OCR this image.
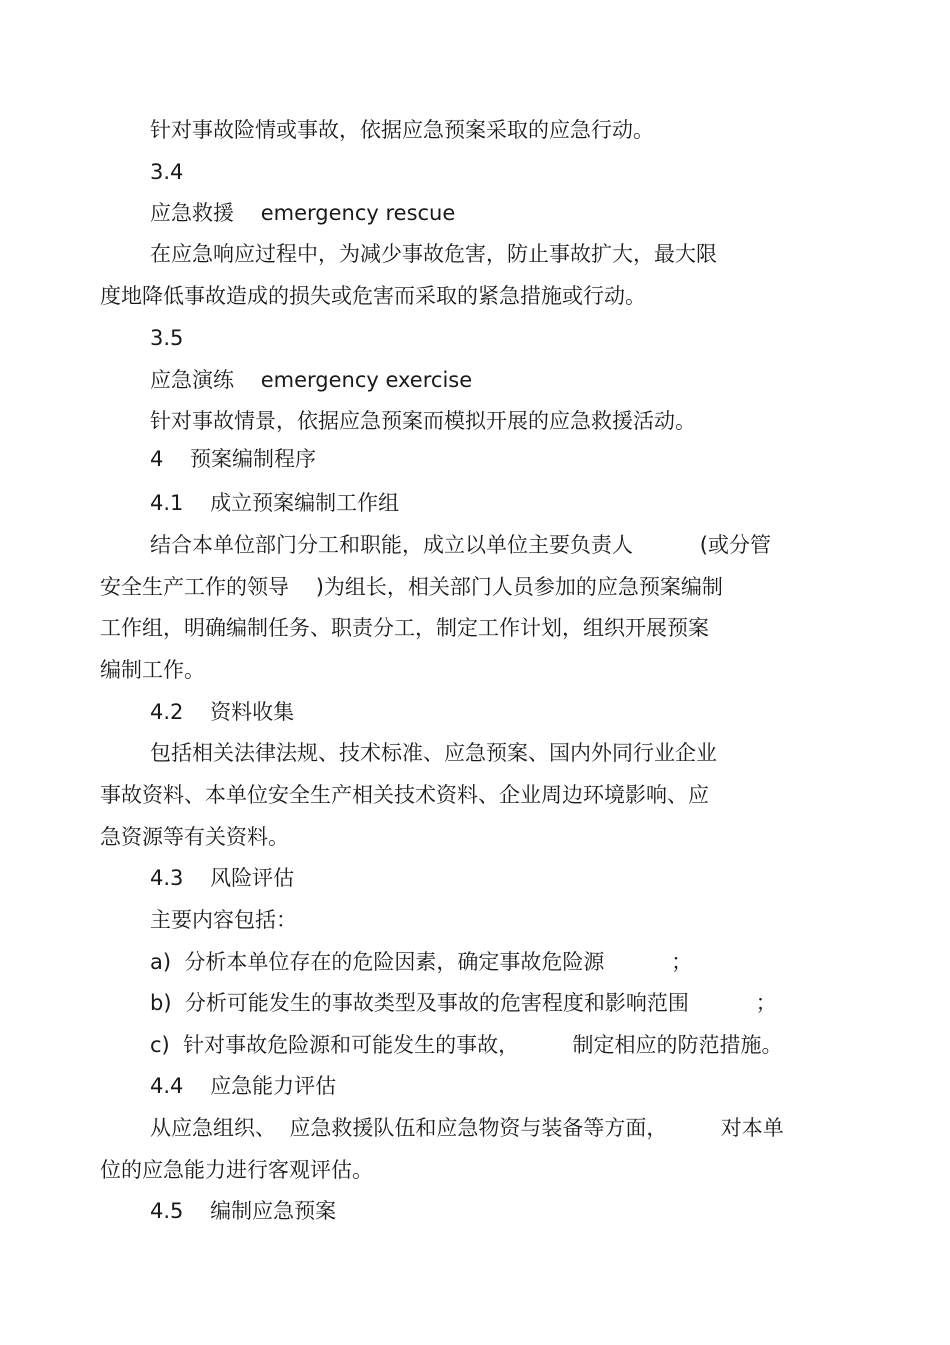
针对事故险情或事故，依据应急预案采取的应急行动。
3.4
应急救援    emergency rescue
在应急响应过程中，为减少事故危害，防止事故扩大，最大限
度地降低事故造成的损失或危害而采取的紧急措施或行动。
3.5
应急演练    emergency exercise
针对事故情景，依据应急预案而模拟开展的应急救援活动。
4    预案编制程序
4.1    成立预案编制工作组
结合本单位部门分工和职能，成立以单位主要负责人          (或分管
安全生产工作的领导    )为组长，相关部门人员参加的应急预案编制
工作组，明确编制任务、职责分工，制定工作计划，组织开展预案
编制工作。
4.2    资料收集
包括相关法律法规、技术标准、应急预案、国内外同行业企业
事故资料、本单位安全生产相关技术资料、企业周边环境影响、应
急资源等有关资料。
4.3    风险评估
主要内容包括：
a)  分析本单位存在的危险因素，确定事故危险源          ；
b)  分析可能发生的事故类型及事故的危害程度和影响范围          ；
c)  针对事故危险源和可能发生的事故，        制定相应的防范措施。
4.4    应急能力评估
从应急组织、  应急救援队伍和应急物资与装备等方面，        对本单
位的应急能力进行客观评估。
4.5    编制应急预案
